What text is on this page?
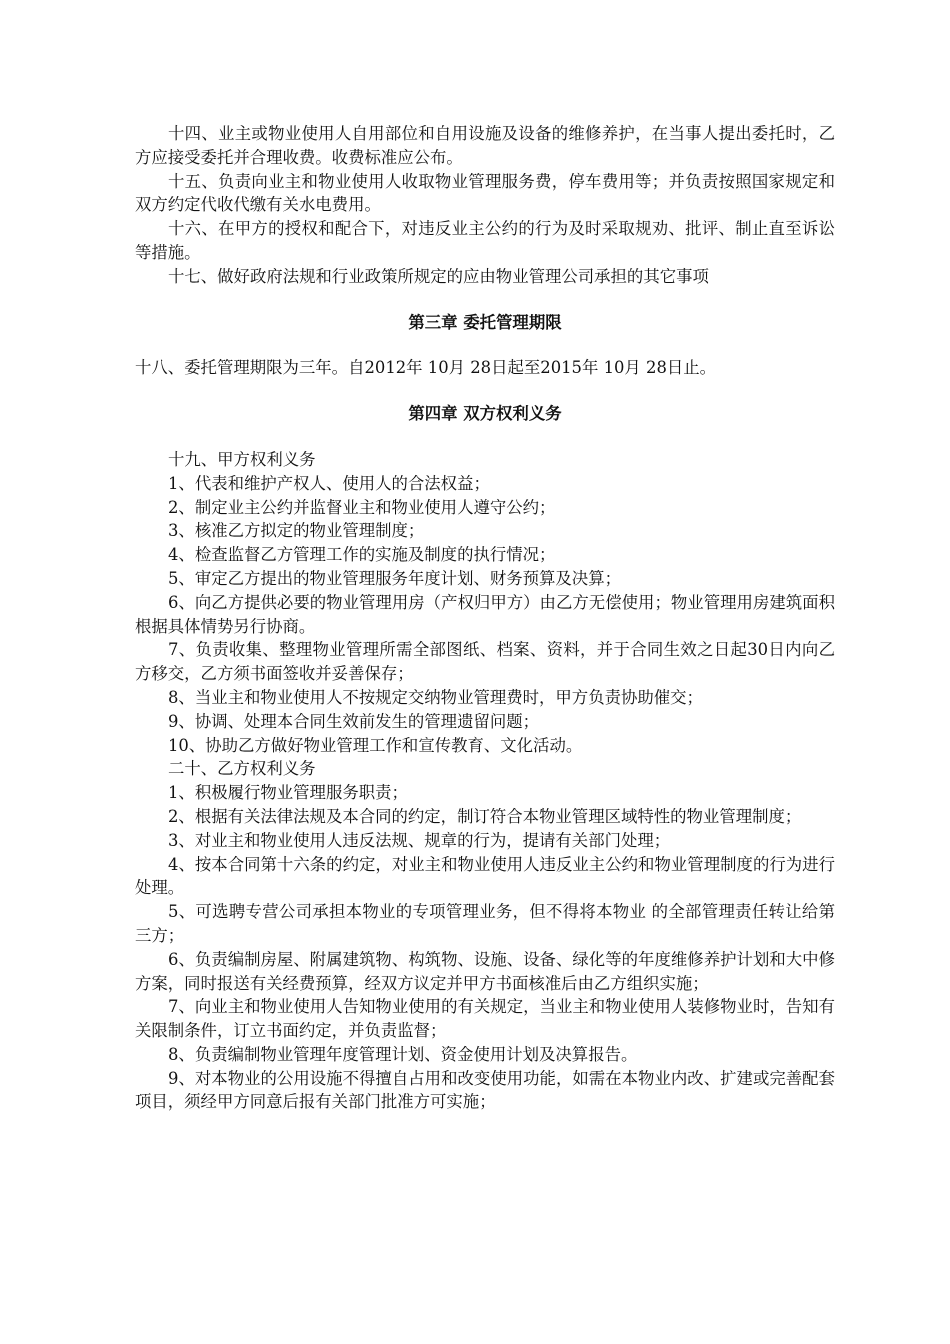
十四、业主或物业使用人自用部位和自用设施及设备的维修养护，在当事人提出委托时，乙方应接受委托并合理收费。收费标准应公布。

十五、负责向业主和物业使用人收取物业管理服务费，停车费用等；并负责按照国家规定和双方约定代收代缴有关水电费用。

十六、在甲方的授权和配合下，对违反业主公约的行为及时采取规劝、批评、制止直至诉讼等措施。

十七、做好政府法规和行业政策所规定的应由物业管理公司承担的其它事项

第三章 委托管理期限

十八、委托管理期限为三年。自2012年 10月 28日起至2015年 10月 28日止。

第四章 双方权利义务

十九、甲方权利义务

1、代表和维护产权人、使用人的合法权益；

2、制定业主公约并监督业主和物业使用人遵守公约；

3、核准乙方拟定的物业管理制度；

4、检查监督乙方管理工作的实施及制度的执行情况；

5、审定乙方提出的物业管理服务年度计划、财务预算及决算；

6、向乙方提供必要的物业管理用房（产权归甲方）由乙方无偿使用；物业管理用房建筑面积根据具体情势另行协商。

7、负责收集、整理物业管理所需全部图纸、档案、资料，并于合同生效之日起30日内向乙方移交，乙方须书面签收并妥善保存；

8、当业主和物业使用人不按规定交纳物业管理费时，甲方负责协助催交；

9、协调、处理本合同生效前发生的管理遗留问题；

10、协助乙方做好物业管理工作和宣传教育、文化活动。

二十、乙方权利义务

1、积极履行物业管理服务职责；

2、根据有关法律法规及本合同的约定，制订符合本物业管理区域特性的物业管理制度；

3、对业主和物业使用人违反法规、规章的行为，提请有关部门处理；

4、按本合同第十六条的约定，对业主和物业使用人违反业主公约和物业管理制度的行为进行处理。

5、可选聘专营公司承担本物业的专项管理业务，但不得将本物业 的全部管理责任转让给第三方；

6、负责编制房屋、附属建筑物、构筑物、设施、设备、绿化等的年度维修养护计划和大中修方案，同时报送有关经费预算，经双方议定并甲方书面核准后由乙方组织实施；

7、向业主和物业使用人告知物业使用的有关规定，当业主和物业使用人装修物业时，告知有关限制条件，订立书面约定，并负责监督；

8、负责编制物业管理年度管理计划、资金使用计划及决算报告。

9、对本物业的公用设施不得擅自占用和改变使用功能，如需在本物业内改、扩建或完善配套项目，须经甲方同意后报有关部门批准方可实施；
